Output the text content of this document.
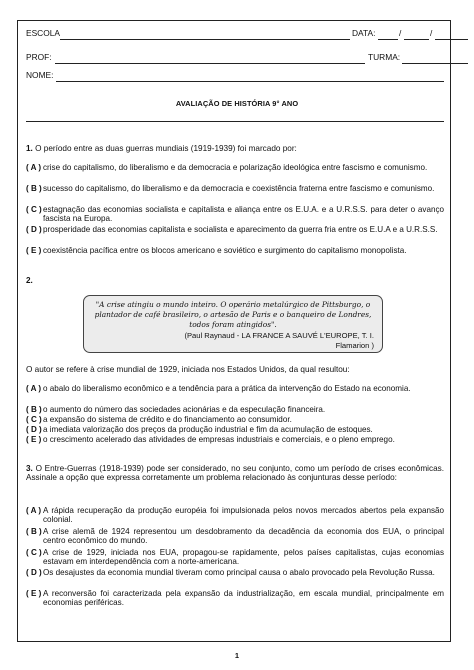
ESCOLA	DATA:	/	/
PROF:	TURMA:
NOME:
AVALIAÇÃO DE HISTÓRIA 9° ANO
1. O período entre as duas guerras mundiais (1919-1939) foi marcado por:
( A ) crise do capitalismo, do liberalismo e da democracia e polarização ideológica entre fascismo e comunismo.
( B ) sucesso do capitalismo, do liberalismo e da democracia e coexistência fraterna entre fascismo e comunismo.
( C ) estagnação das economias socialista e capitalista e aliança entre os E.U.A. e a U.R.S.S. para deter o avanço fascista na Europa.
( D ) prosperidade das economias capitalista e socialista e aparecimento da guerra fria entre os E.U.A e a U.R.S.S.
( E ) coexistência pacífica entre os blocos americano e soviético e surgimento do capitalismo monopolista.
2.
"A crise atingiu o mundo inteiro. O operário metalúrgico de Pittsburgo, o plantador de café brasileiro, o artesão de Paris e o banqueiro de Londres, todos foram atingidos".
(Paul Raynaud - LA FRANCE A SAUVÉ L'EUROPE, T. I.
Flamarion )
O autor se refere à crise mundial de 1929, iniciada nos Estados Unidos, da qual resultou:
( A ) o abalo do liberalismo econômico e a tendência para a prática da intervenção do Estado na economia.
( B ) o aumento do número das sociedades acionárias e da especulação financeira.
( C ) a expansão do sistema de crédito e do financiamento ao consumidor.
( D ) a imediata valorização dos preços da produção industrial e fim da acumulação de estoques.
( E ) o crescimento acelerado das atividades de empresas industriais e comerciais, e o pleno emprego.
3. O Entre-Guerras (1918-1939) pode ser considerado, no seu conjunto, como um período de crises econômicas. Assinale a opção que expressa corretamente um problema relacionado às conjunturas desse período:
( A ) A rápida recuperação da produção européia foi impulsionada pelos novos mercados abertos pela expansão colonial.
( B ) A crise alemã de 1924 representou um desdobramento da decadência da economia dos EUA, o principal centro econômico do mundo.
( C ) A crise de 1929, iniciada nos EUA, propagou-se rapidamente, pelos países capitalistas, cujas economias estavam em interdependência com a norte-americana.
( D ) Os desajustes da economia mundial tiveram como principal causa o abalo provocado pela Revolução Russa.
( E ) A reconversão foi caracterizada pela expansão da industrialização, em escala mundial, principalmente em economias periféricas.
1
